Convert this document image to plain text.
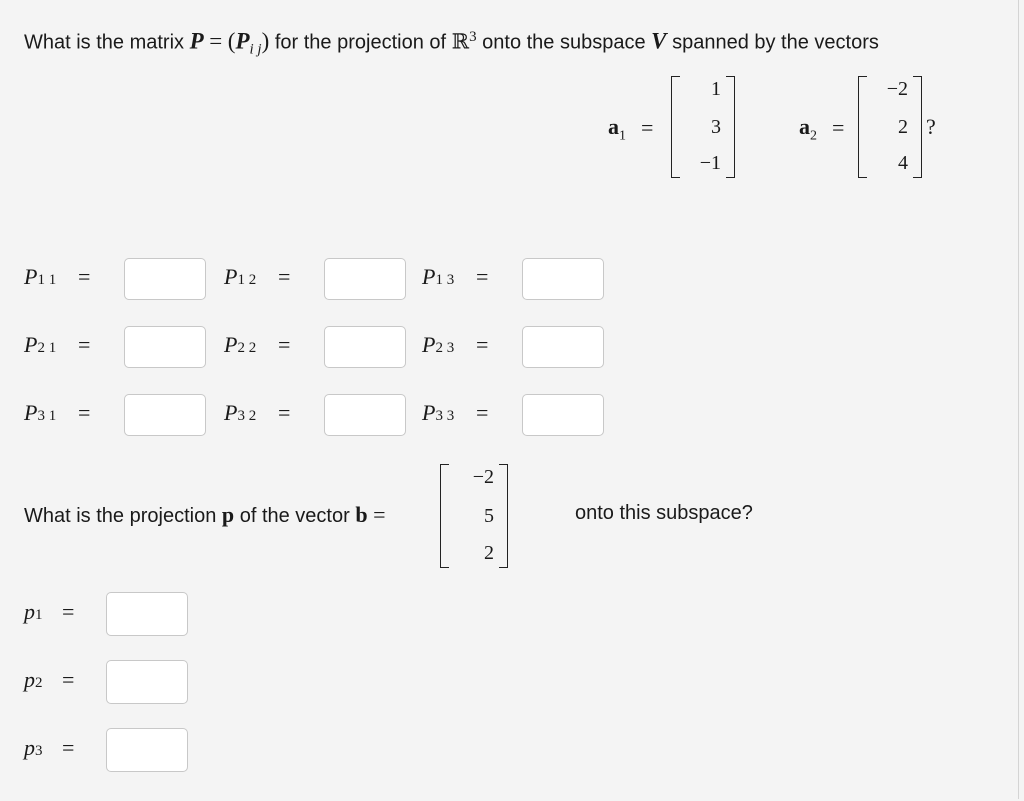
What is the matrix $P = (P_{i j})$ for the projection of ℝ$^3$ onto the subspace V spanned by the vectors
$a_1$ =
1
3
−1
$a_2$ =
−2
2
4
?
P1 1 =	P1 2 =	P1 3 =
P2 1 =	P2 2 =	P2 3 =
P3 1 =	P3 2 =	P3 3 =
What is the projection p of the vector b =
−2
5
2
onto this subspace?
p1 =
p2 =
p3 =
